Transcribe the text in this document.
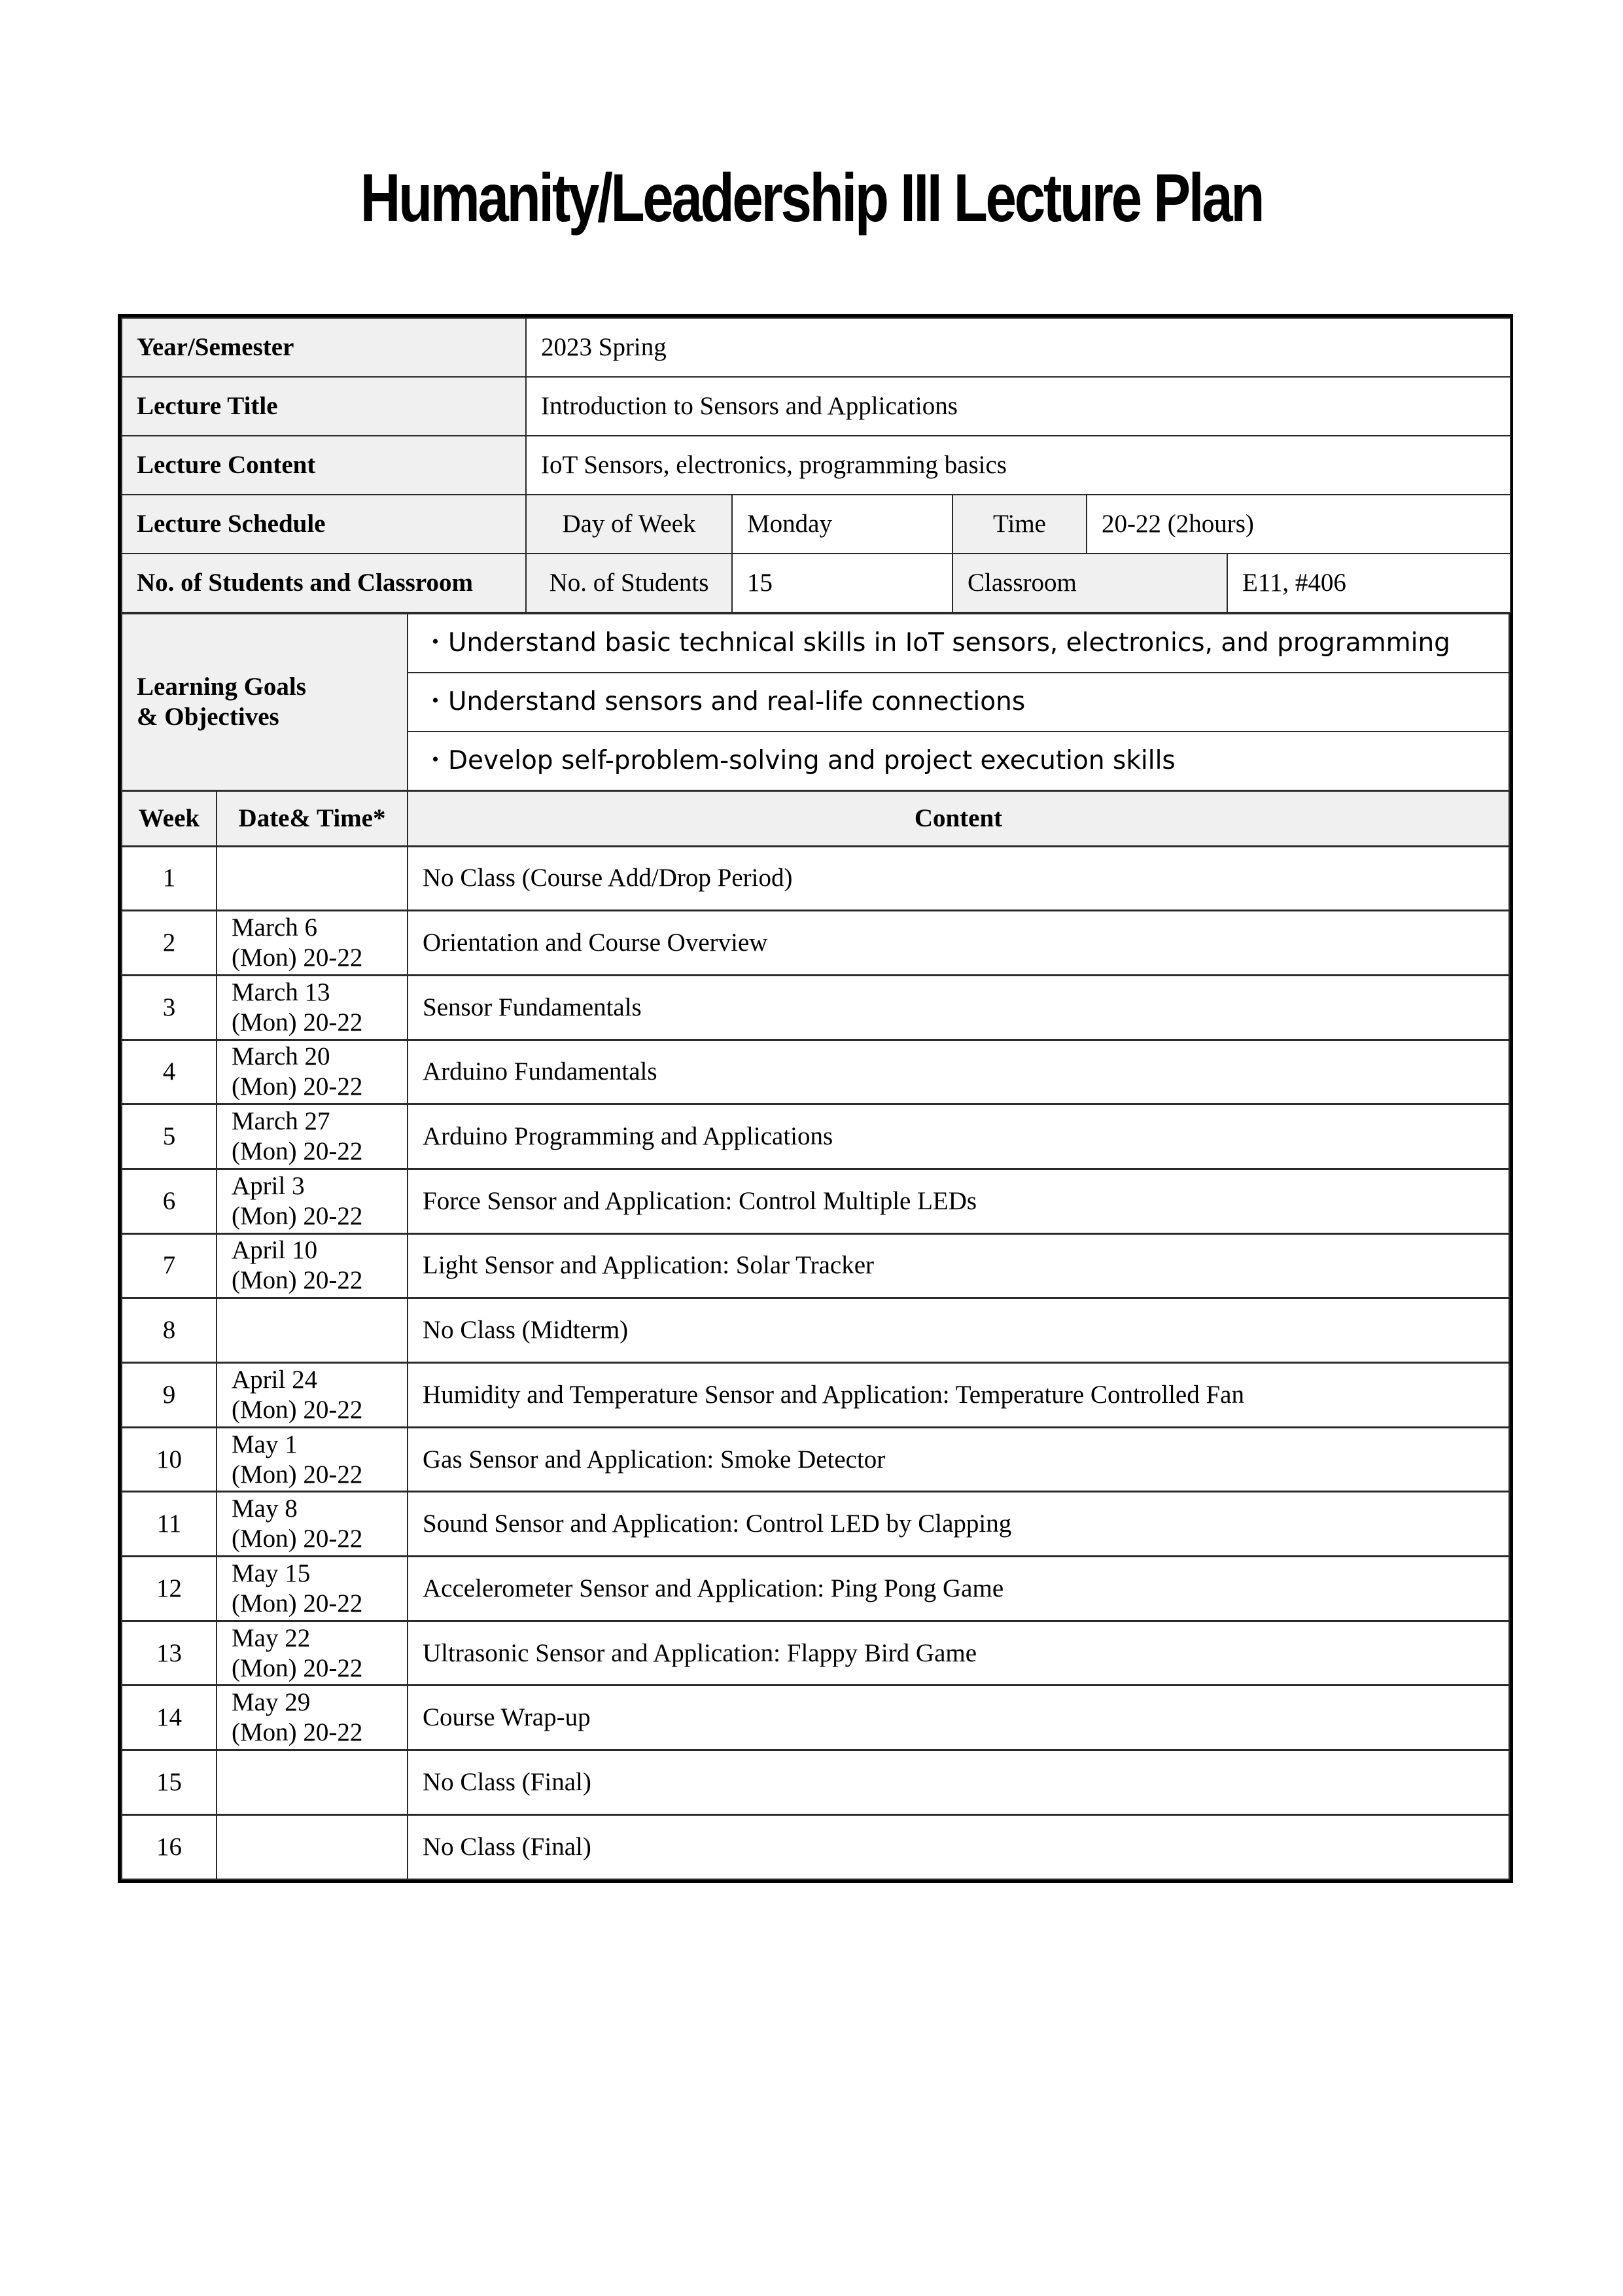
Humanity/Leadership III Lecture Plan
Year/Semester	2023 Spring				
Lecture Title	Introduction to Sensors and Applications				
Lecture Content	IoT Sensors, electronics, programming basics				
Lecture Schedule	Day of Week	Monday	Time	20-22 (2hours)	
No. of Students and Classroom	No. of Students	15	Classroom		E11, #406
Learning Goals
& Objectives		・Understand basic technical skills in IoT sensors, electronics, and programming
		・Understand sensors and real-life connections
		・Develop self-problem-solving and project execution skills
Week	Date& Time*	Content
1		No Class (Course Add/Drop Period)
2	March 6
(Mon) 20-22	Orientation and Course Overview
3	March 13
(Mon) 20-22	Sensor Fundamentals
4	March 20
(Mon) 20-22	Arduino Fundamentals
5	March 27
(Mon) 20-22	Arduino Programming and Applications
6	April 3
(Mon) 20-22	Force Sensor and Application: Control Multiple LEDs
7	April 10
(Mon) 20-22	Light Sensor and Application: Solar Tracker
8		No Class (Midterm)
9	April 24
(Mon) 20-22	Humidity and Temperature Sensor and Application: Temperature Controlled Fan
10	May 1
(Mon) 20-22	Gas Sensor and Application: Smoke Detector
11	May 8
(Mon) 20-22	Sound Sensor and Application: Control LED by Clapping
12	May 15
(Mon) 20-22	Accelerometer Sensor and Application: Ping Pong Game
13	May 22
(Mon) 20-22	Ultrasonic Sensor and Application: Flappy Bird Game
14	May 29
(Mon) 20-22	Course Wrap-up
15		No Class (Final)
16		No Class (Final)
